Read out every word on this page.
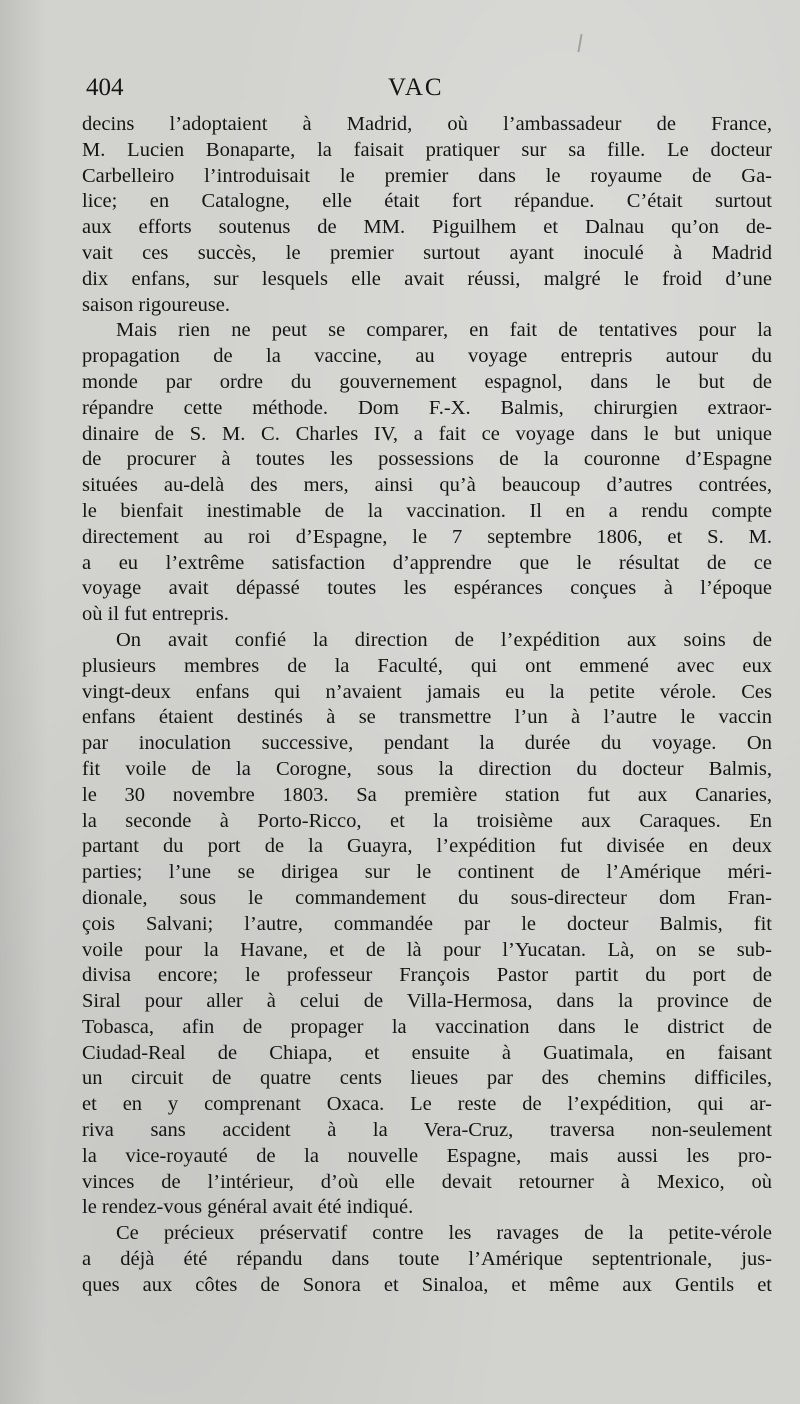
404	VAC
decins l’adoptaient à Madrid, où l’ambassadeur de France,
M. Lucien Bonaparte, la faisait pratiquer sur sa fille. Le docteur
Carbelleiro l’introduisait le premier dans le royaume de Ga-
lice; en Catalogne, elle était fort répandue. C’était surtout
aux efforts soutenus de MM. Piguilhem et Dalnau qu’on de-
vait ces succès, le premier surtout ayant inoculé à Madrid
dix enfans, sur lesquels elle avait réussi, malgré le froid d’une
saison rigoureuse.
Mais rien ne peut se comparer, en fait de tentatives pour la
propagation de la vaccine, au voyage entrepris autour du
monde par ordre du gouvernement espagnol, dans le but de
répandre cette méthode. Dom F.-X. Balmis, chirurgien extraor-
dinaire de S. M. C. Charles IV, a fait ce voyage dans le but unique
de procurer à toutes les possessions de la couronne d’Espagne
situées au-delà des mers, ainsi qu’à beaucoup d’autres contrées,
le bienfait inestimable de la vaccination. Il en a rendu compte
directement au roi d’Espagne, le 7 septembre 1806, et S. M.
a eu l’extrême satisfaction d’apprendre que le résultat de ce
voyage avait dépassé toutes les espérances conçues à l’époque
où il fut entrepris.
On avait confié la direction de l’expédition aux soins de
plusieurs membres de la Faculté, qui ont emmené avec eux
vingt-deux enfans qui n’avaient jamais eu la petite vérole. Ces
enfans étaient destinés à se transmettre l’un à l’autre le vaccin
par inoculation successive, pendant la durée du voyage. On
fit voile de la Corogne, sous la direction du docteur Balmis,
le 30 novembre 1803. Sa première station fut aux Canaries,
la seconde à Porto-Ricco, et la troisième aux Caraques. En
partant du port de la Guayra, l’expédition fut divisée en deux
parties; l’une se dirigea sur le continent de l’Amérique méri-
dionale, sous le commandement du sous-directeur dom Fran-
çois Salvani; l’autre, commandée par le docteur Balmis, fit
voile pour la Havane, et de là pour l’Yucatan. Là, on se sub-
divisa encore; le professeur François Pastor partit du port de
Siral pour aller à celui de Villa-Hermosa, dans la province de
Tobasca, afin de propager la vaccination dans le district de
Ciudad-Real de Chiapa, et ensuite à Guatimala, en faisant
un circuit de quatre cents lieues par des chemins difficiles,
et en y comprenant Oxaca. Le reste de l’expédition, qui ar-
riva sans accident à la Vera-Cruz, traversa non-seulement
la vice-royauté de la nouvelle Espagne, mais aussi les pro-
vinces de l’intérieur, d’où elle devait retourner à Mexico, où
le rendez-vous général avait été indiqué.
Ce précieux préservatif contre les ravages de la petite-vérole
a déjà été répandu dans toute l’Amérique septentrionale, jus-
ques aux côtes de Sonora et Sinaloa, et même aux Gentils et
